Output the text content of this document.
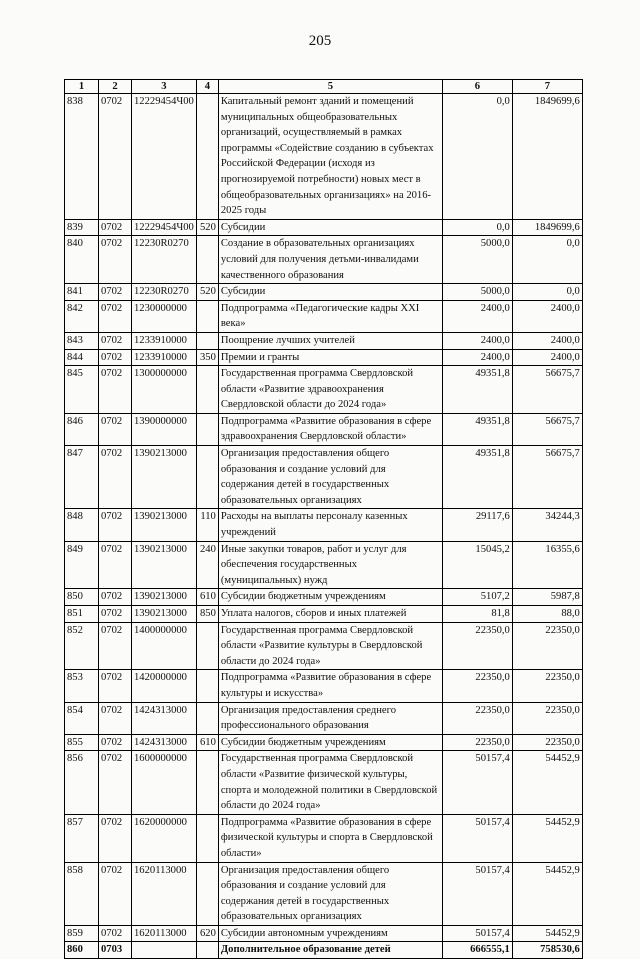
205
1	2	3	4	5	6	7
838	0702	12229454Ч00		Капитальный ремонт зданий и помещений муниципальных общеобразовательных организаций, осуществляемый в рамках программы «Содействие созданию в субъектах Российской Федерации (исходя из прогнозируемой потребности) новых мест в общеобразовательных организациях» на 2016-2025 годы	0,0	1849699,6
839	0702	12229454Ч00	520	Субсидии	0,0	1849699,6
840	0702	12230R0270		Создание в образовательных организациях условий для получения детьми-инвалидами качественного образования	5000,0	0,0
841	0702	12230R0270	520	Субсидии	5000,0	0,0
842	0702	1230000000		Подпрограмма «Педагогические кадры XXI века»	2400,0	2400,0
843	0702	1233910000		Поощрение лучших учителей	2400,0	2400,0
844	0702	1233910000	350	Премии и гранты	2400,0	2400,0
845	0702	1300000000		Государственная программа Свердловской области «Развитие здравоохранения Свердловской области до 2024 года»	49351,8	56675,7
846	0702	1390000000		Подпрограмма «Развитие образования в сфере здравоохранения Свердловской области»	49351,8	56675,7
847	0702	1390213000		Организация предоставления общего образования и создание условий для содержания детей в государственных образовательных организациях	49351,8	56675,7
848	0702	1390213000	110	Расходы на выплаты персоналу казенных учреждений	29117,6	34244,3
849	0702	1390213000	240	Иные закупки товаров, работ и услуг для обеспечения государственных (муниципальных) нужд	15045,2	16355,6
850	0702	1390213000	610	Субсидии бюджетным учреждениям	5107,2	5987,8
851	0702	1390213000	850	Уплата налогов, сборов и иных платежей	81,8	88,0
852	0702	1400000000		Государственная программа Свердловской области «Развитие культуры в Свердловской области до 2024 года»	22350,0	22350,0
853	0702	1420000000		Подпрограмма «Развитие образования в сфере культуры и искусства»	22350,0	22350,0
854	0702	1424313000		Организация предоставления среднего профессионального образования	22350,0	22350,0
855	0702	1424313000	610	Субсидии бюджетным учреждениям	22350,0	22350,0
856	0702	1600000000		Государственная программа Свердловской области «Развитие физической культуры, спорта и молодежной политики в Свердловской области до 2024 года»	50157,4	54452,9
857	0702	1620000000		Подпрограмма «Развитие образования в сфере физической культуры и спорта в Свердловской области»	50157,4	54452,9
858	0702	1620113000		Организация предоставления общего образования и создание условий для содержания детей в государственных образовательных организациях	50157,4	54452,9
859	0702	1620113000	620	Субсидии автономным учреждениям	50157,4	54452,9
860	0703			Дополнительное образование детей	666555,1	758530,6
